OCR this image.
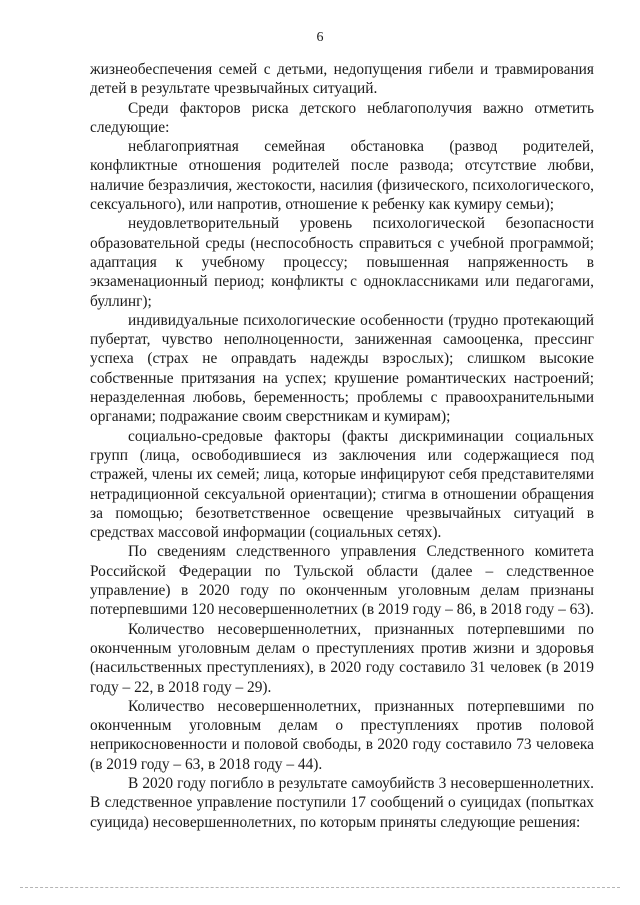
6

жизнеобеспечения семей с детьми, недопущения гибели и травмирования детей в результате чрезвычайных ситуаций.

Среди факторов риска детского неблагополучия важно отметить следующие:

неблагоприятная семейная обстановка (развод родителей, конфликтные отношения родителей после развода; отсутствие любви, наличие безразличия, жестокости, насилия (физического, психологического, сексуального), или напротив, отношение к ребенку как кумиру семьи);

неудовлетворительный уровень психологической безопасности образовательной среды (неспособность справиться с учебной программой; адаптация к учебному процессу; повышенная напряженность в экзаменационный период; конфликты с одноклассниками или педагогами, буллинг);

индивидуальные психологические особенности (трудно протекающий пубертат, чувство неполноценности, заниженная самооценка, прессинг успеха (страх не оправдать надежды взрослых); слишком высокие собственные притязания на успех; крушение романтических настроений; неразделенная любовь, беременность; проблемы с правоохранительными органами; подражание своим сверстникам и кумирам);

социально-средовые факторы (факты дискриминации социальных групп (лица, освободившиеся из заключения или содержащиеся под стражей, члены их семей; лица, которые инфицируют себя представителями нетрадиционной сексуальной ориентации); стигма в отношении обращения за помощью; безответственное освещение чрезвычайных ситуаций в средствах массовой информации (социальных сетях).

По сведениям следственного управления Следственного комитета Российской Федерации по Тульской области (далее – следственное управление) в 2020 году по оконченным уголовным делам признаны потерпевшими 120 несовершеннолетних (в 2019 году – 86, в 2018 году – 63).

Количество несовершеннолетних, признанных потерпевшими по оконченным уголовным делам о преступлениях против жизни и здоровья (насильственных преступлениях), в 2020 году составило 31 человек (в 2019 году – 22, в 2018 году – 29).

Количество несовершеннолетних, признанных потерпевшими по оконченным уголовным делам о преступлениях против половой неприкосновенности и половой свободы, в 2020 году составило 73 человека (в 2019 году – 63, в 2018 году – 44).

В 2020 году погибло в результате самоубийств 3 несовершеннолетних. В следственное управление поступили 17 сообщений о суицидах (попытках суицида) несовершеннолетних, по которым приняты следующие решения:
